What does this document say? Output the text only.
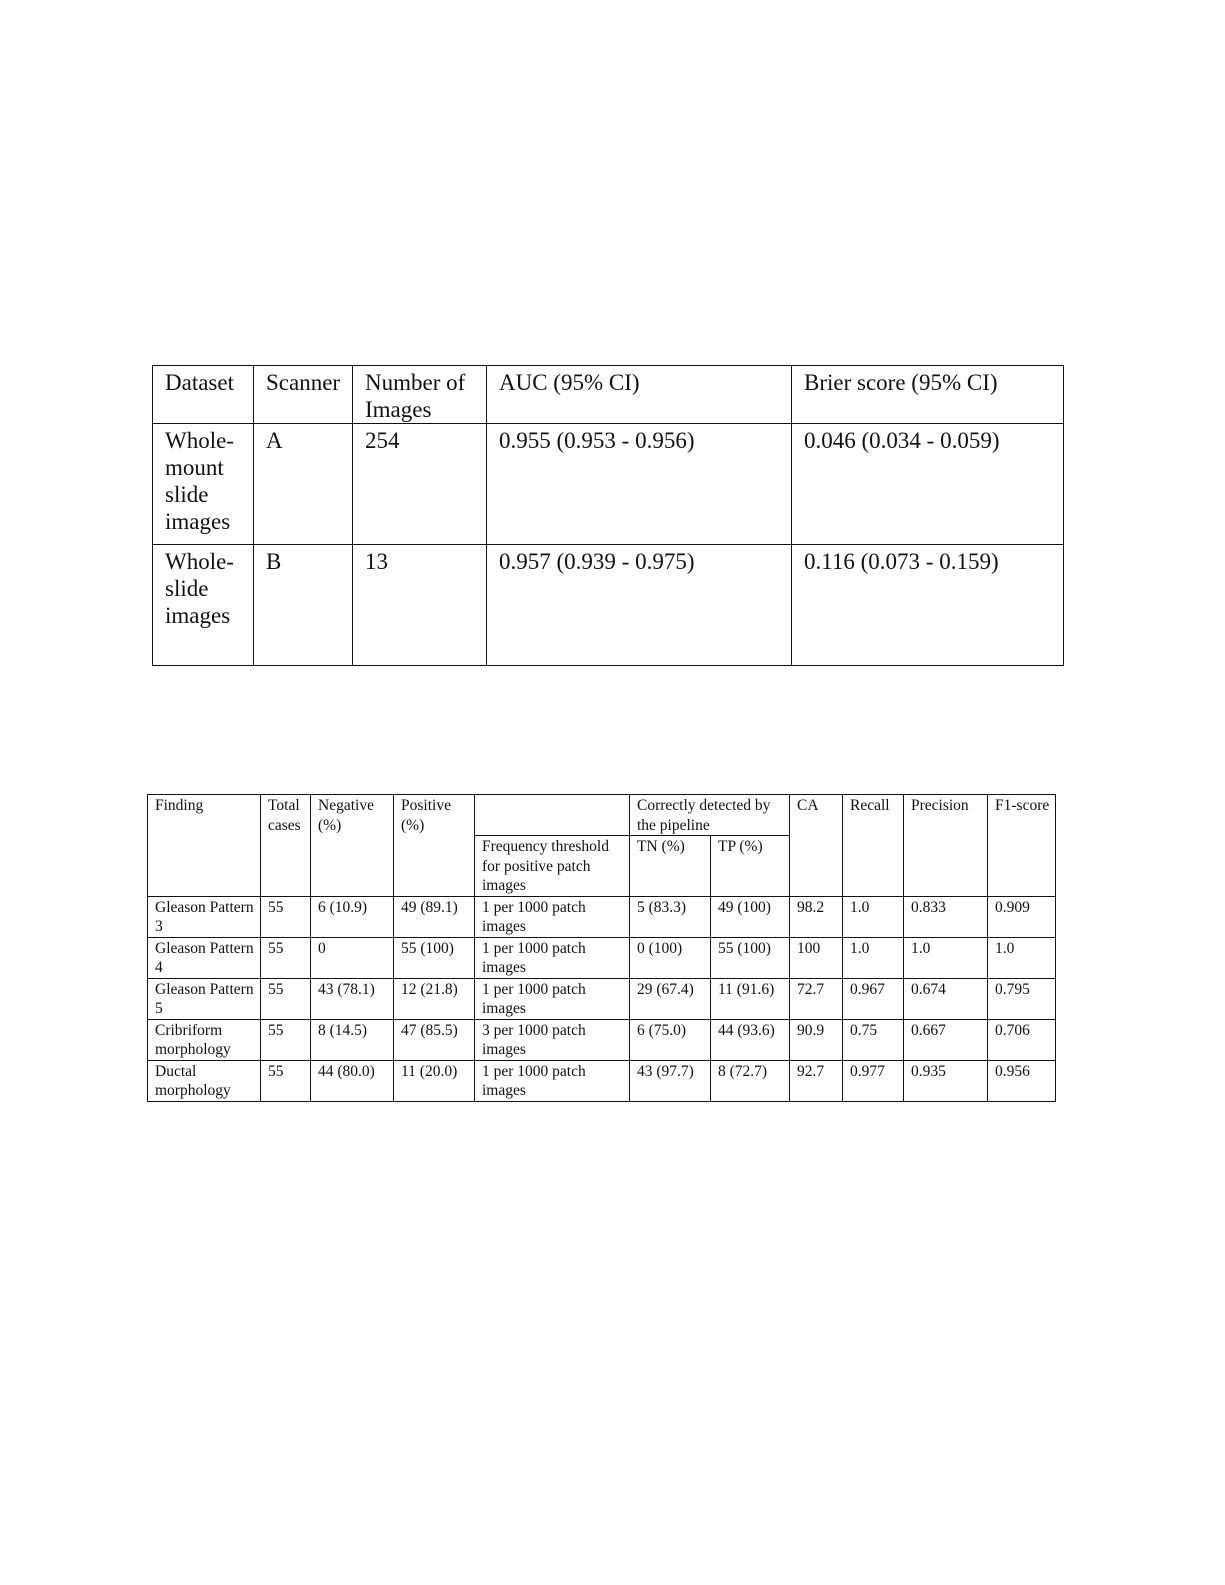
Dataset	Scanner	Number of Images	AUC (95% CI)	Brier score (95% CI)
Whole-mount slide images	A	254	0.955 (0.953 - 0.956)	0.046 (0.034 - 0.059)
Whole-slide images	B	13	0.957 (0.939 - 0.975)	0.116 (0.073 - 0.159)
Finding	Total cases	Negative (%)	Positive (%)		Correctly detected by the pipeline		CA	Recall	Precision	F1-score
				Frequency threshold for positive patch images	TN (%)	TP (%)				
Gleason Pattern 3	55	6 (10.9)	49 (89.1)	1 per 1000 patch images	5 (83.3)	49 (100)	98.2	1.0	0.833	0.909
Gleason Pattern 4	55	0	55 (100)	1 per 1000 patch images	0 (100)	55 (100)	100	1.0	1.0	1.0
Gleason Pattern 5	55	43 (78.1)	12 (21.8)	1 per 1000 patch images	29 (67.4)	11 (91.6)	72.7	0.967	0.674	0.795
Cribriform morphology	55	8 (14.5)	47 (85.5)	3 per 1000 patch images	6 (75.0)	44 (93.6)	90.9	0.75	0.667	0.706
Ductal morphology	55	44 (80.0)	11 (20.0)	1 per 1000 patch images	43 (97.7)	8 (72.7)	92.7	0.977	0.935	0.956
